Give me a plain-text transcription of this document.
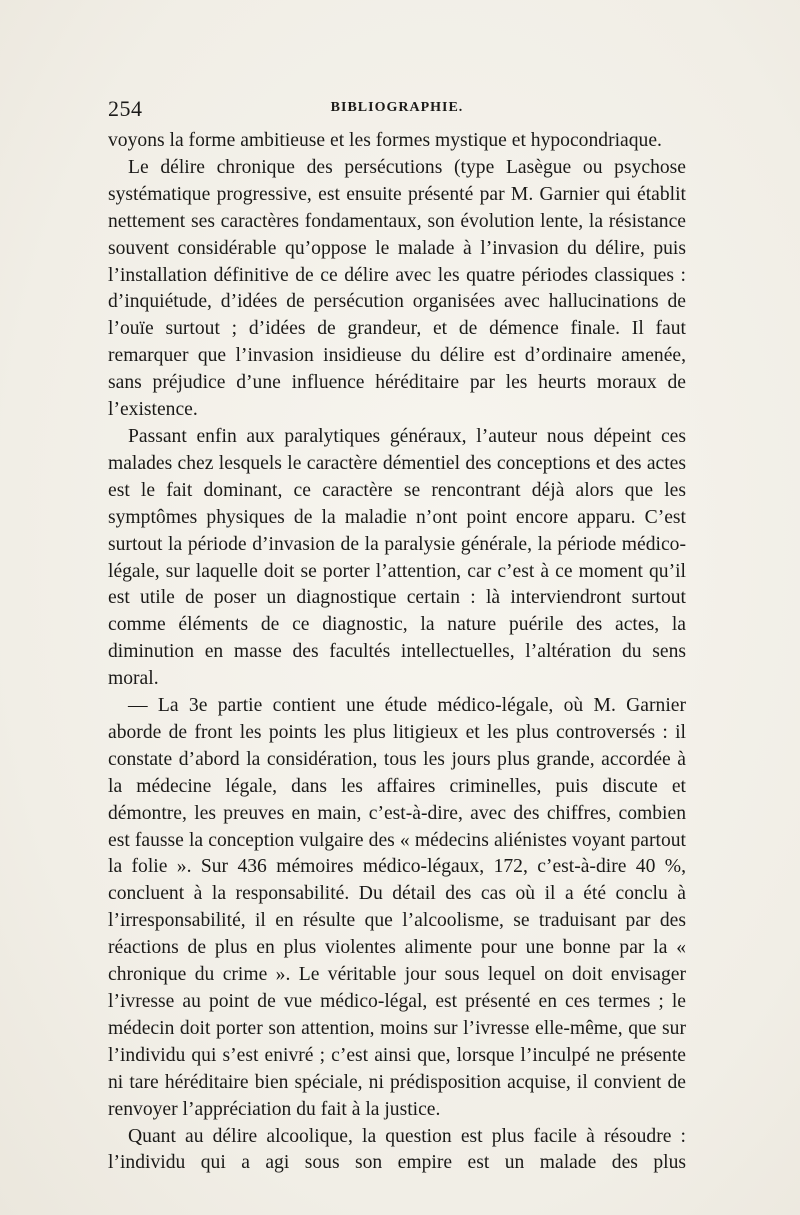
254	BIBLIOGRAPHIE.

voyons la forme ambitieuse et les formes mystique et hypocondriaque.

Le délire chronique des persécutions (type Lasègue ou psychose systématique progressive, est ensuite présenté par M. Garnier qui établit nettement ses caractères fondamentaux, son évolution lente, la résistance souvent considérable qu’oppose le malade à l’invasion du délire, puis l’installation définitive de ce délire avec les quatre périodes classiques : d’inquiétude, d’idées de persécution organisées avec hallucinations de l’ouïe surtout ; d’idées de grandeur, et de démence finale. Il faut remarquer que l’invasion insidieuse du délire est d’ordinaire amenée, sans préjudice d’une influence héréditaire par les heurts moraux de l’existence.

Passant enfin aux paralytiques généraux, l’auteur nous dépeint ces malades chez lesquels le caractère démentiel des conceptions et des actes est le fait dominant, ce caractère se rencontrant déjà alors que les symptômes physiques de la maladie n’ont point encore apparu. C’est surtout la période d’invasion de la paralysie générale, la période médico-légale, sur laquelle doit se porter l’attention, car c’est à ce moment qu’il est utile de poser un diagnostique certain : là interviendront surtout comme éléments de ce diagnostic, la nature puérile des actes, la diminution en masse des facultés intellectuelles, l’altération du sens moral.

— La 3e partie contient une étude médico-légale, où M. Garnier aborde de front les points les plus litigieux et les plus controversés : il constate d’abord la considération, tous les jours plus grande, accordée à la médecine légale, dans les affaires criminelles, puis discute et démontre, les preuves en main, c’est-à-dire, avec des chiffres, combien est fausse la conception vulgaire des « médecins aliénistes voyant partout la folie ». Sur 436 mémoires médico-légaux, 172, c’est-à-dire 40 %, concluent à la responsabilité. Du détail des cas où il a été conclu à l’irresponsabilité, il en résulte que l’alcoolisme, se traduisant par des réactions de plus en plus violentes alimente pour une bonne par la « chronique du crime ». Le véritable jour sous lequel on doit envisager l’ivresse au point de vue médico-légal, est présenté en ces termes ; le médecin doit porter son attention, moins sur l’ivresse elle-même, que sur l’individu qui s’est enivré ; c’est ainsi que, lorsque l’inculpé ne présente ni tare héréditaire bien spéciale, ni prédisposition acquise, il convient de renvoyer l’appréciation du fait à la justice.

Quant au délire alcoolique, la question est plus facile à résoudre : l’individu qui a agi sous son empire est un malade des plus
